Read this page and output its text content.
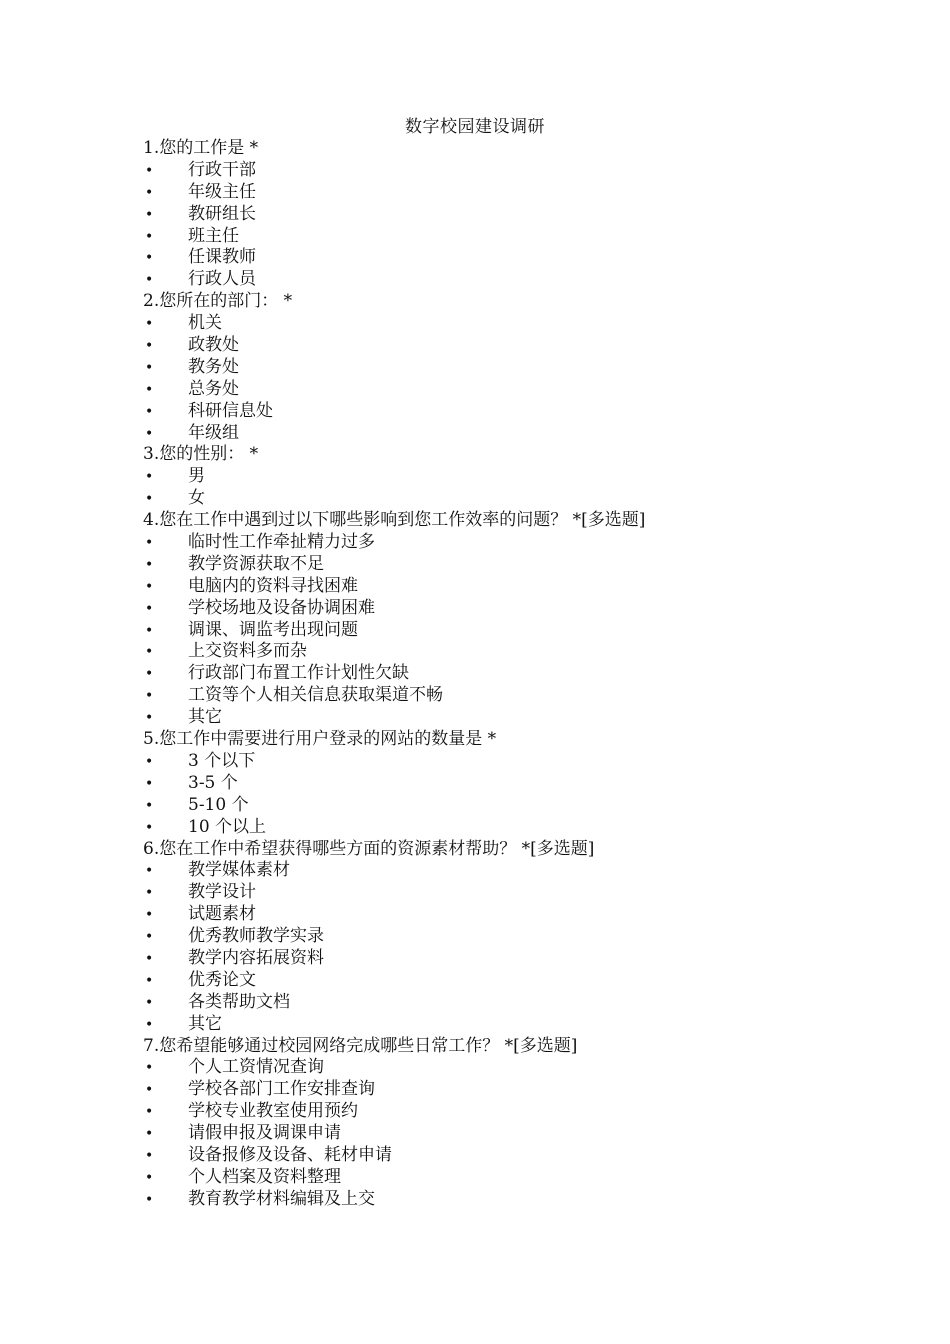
数字校园建设调研
1.您的工作是 *
• 行政干部
• 年级主任
• 教研组长
• 班主任
• 任课教师
• 行政人员
2.您所在的部门： *
• 机关
• 政教处
• 教务处
• 总务处
• 科研信息处
• 年级组
3.您的性别： *
• 男
• 女
4.您在工作中遇到过以下哪些影响到您工作效率的问题？ *[多选题]
• 临时性工作牵扯精力过多
• 教学资源获取不足
• 电脑内的资料寻找困难
• 学校场地及设备协调困难
• 调课、调监考出现问题
• 上交资料多而杂
• 行政部门布置工作计划性欠缺
• 工资等个人相关信息获取渠道不畅
• 其它
5.您工作中需要进行用户登录的网站的数量是 *
• 3 个以下
• 3-5 个
• 5-10 个
• 10 个以上
6.您在工作中希望获得哪些方面的资源素材帮助？ *[多选题]
• 教学媒体素材
• 教学设计
• 试题素材
• 优秀教师教学实录
• 教学内容拓展资料
• 优秀论文
• 各类帮助文档
• 其它
7.您希望能够通过校园网络完成哪些日常工作？ *[多选题]
• 个人工资情况查询
• 学校各部门工作安排查询
• 学校专业教室使用预约
• 请假申报及调课申请
• 设备报修及设备、耗材申请
• 个人档案及资料整理
• 教育教学材料编辑及上交
